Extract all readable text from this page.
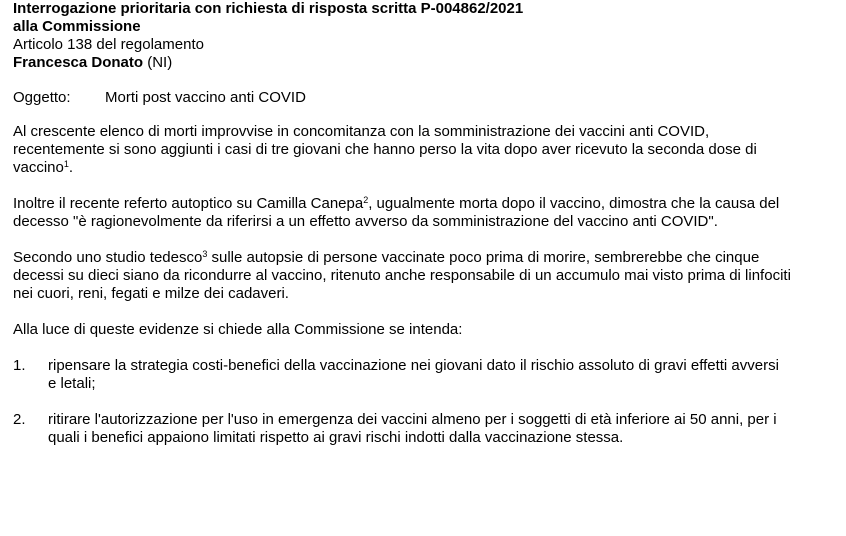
Interrogazione prioritaria con richiesta di risposta scritta P-004862/2021
alla Commissione
Articolo 138 del regolamento
Francesca Donato (NI)
Oggetto:	Morti post vaccino anti COVID

Al crescente elenco di morti improvvise in concomitanza con la somministrazione dei vaccini anti COVID, recentemente si sono aggiunti i casi di tre giovani che hanno perso la vita dopo aver ricevuto la seconda dose di vaccino$^1$.

Inoltre il recente referto autoptico su Camilla Canepa$^2$, ugualmente morta dopo il vaccino, dimostra che la causa del decesso "è ragionevolmente da riferirsi a un effetto avverso da somministrazione del vaccino anti COVID".

Secondo uno studio tedesco$^3$ sulle autopsie di persone vaccinate poco prima di morire, sembrerebbe che cinque decessi su dieci siano da ricondurre al vaccino, ritenuto anche responsabile di un accumulo mai visto prima di linfociti nei cuori, reni, fegati e milze dei cadaveri.

Alla luce di queste evidenze si chiede alla Commissione se intenda:

1.	ripensare la strategia costi-benefici della vaccinazione nei giovani dato il rischio assoluto di gravi effetti avversi e letali;
2.	ritirare l'autorizzazione per l'uso in emergenza dei vaccini almeno per i soggetti di età inferiore ai 50 anni, per i quali i benefici appaiono limitati rispetto ai gravi rischi indotti dalla vaccinazione stessa.
